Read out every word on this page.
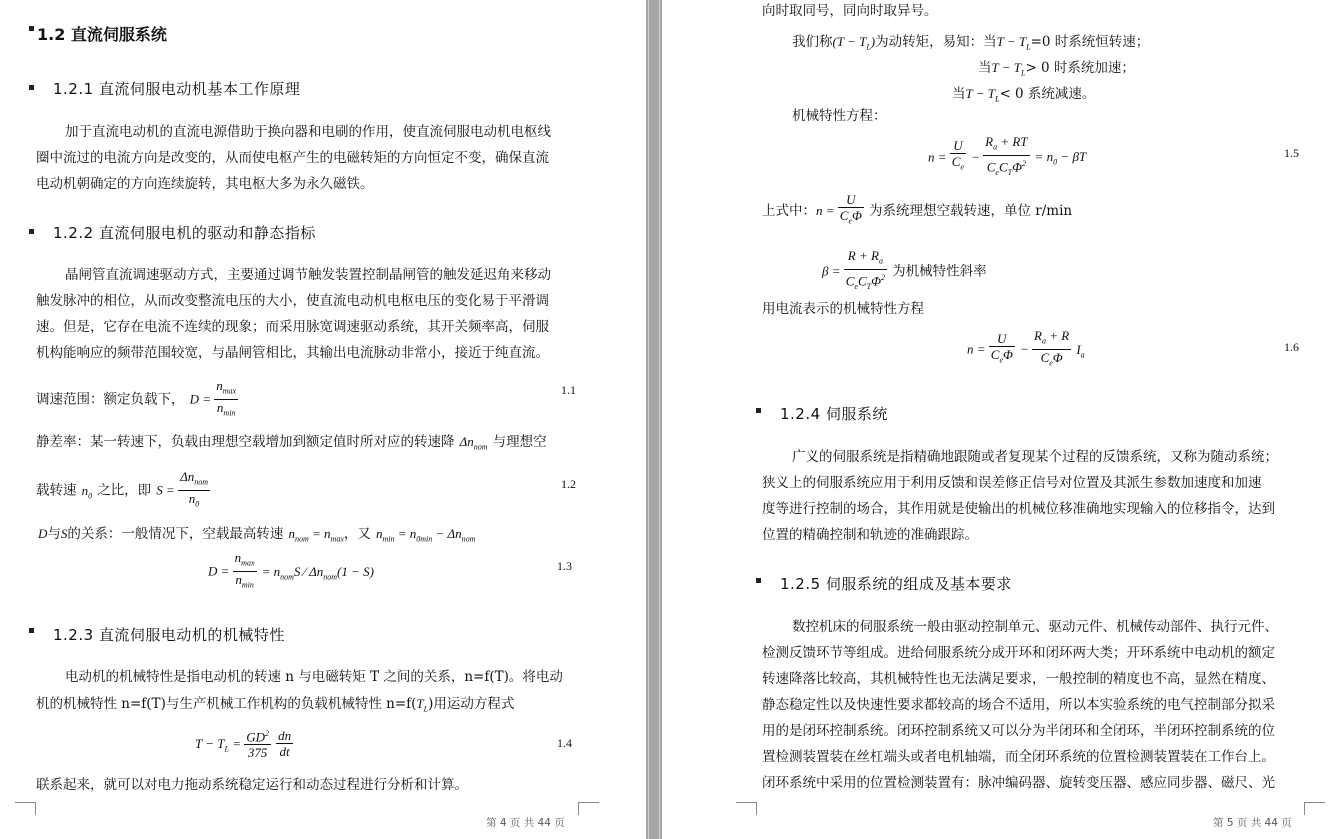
1.2 直流伺服系统
1.2.1 直流伺服电动机基本工作原理
加于直流电动机的直流电源借助于换向器和电刷的作用，使直流伺服电动机电枢线
圈中流过的电流方向是改变的，从而使电枢产生的电磁转矩的方向恒定不变，确保直流
电动机朝确定的方向连续旋转，其电枢大多为永久磁铁。
1.2.2 直流伺服电机的驱动和静态指标
晶闸管直流调速驱动方式，主要通过调节触发装置控制晶闸管的触发延迟角来移动
触发脉冲的相位，从而改变整流电压的大小，使直流电动机电枢电压的变化易于平滑调
速。但是，它存在电流不连续的现象；而采用脉宽调速驱动系统，其开关频率高，伺服
机构能响应的频带范围较宽，与晶闸管相比，其输出电流脉动非常小，接近于纯直流。
调速范围：额定负载下， $D = \frac{n_{max}}{n_{min}}$	1.1
静差率：某一转速下，负载由理想空载增加到额定值时所对应的转速降 $\Delta n_{nom}$ 与理想空
载转速 $n_0$ 之比，即 $S = \frac{\Delta n_{nom}}{n_0}$	1.2
D与S的关系：一般情况下，空载最高转速 $n_{nom} = n_{max}$，又 $n_{min} = n_{0min} - \Delta n_{nom}$
$D = \frac{n_{max}}{n_{min}} = n_{nom}S$ ⁄ $\Delta n_{nom}(1 - S)$	1.3
1.2.3 直流伺服电动机的机械特性
电动机的机械特性是指电动机的转速 n 与电磁转矩 T 之间的关系，n=f(T)。将电动
机的机械特性 n=f(T)与生产机械工作机构的负载机械特性 $n=f(T_L)$用运动方程式
$T - T_L = \frac{GD^2}{375}$
$\frac{dn}{dt}$	1.4
联系起来，就可以对电力拖动系统稳定运行和动态过程进行分析和计算。
第 4 页 共 44 页
向时取同号，同向时取异号。
我们称$(T - T_L)$为动转矩，易知：当$T - T_L=0$ 时系统恒转速；
当$T - T_L> 0$ 时系统加速；
当$T - T_L< 0$ 系统减速。
机械特性方程：
$n = \frac{U}{C_e} - \frac{R_a + RT}{C_eC_T\Phi^2} = n_0 - \beta T$	1.5
上式中：$n = \frac{U}{C_e\Phi}$ 为系统理想空载转速，单位 r/min
$\beta = \frac{R + R_a}{C_eC_T\Phi^2}$ 为机械特性斜率
用电流表示的机械特性方程
$n = \frac{U}{C_e\Phi} - \frac{R_a + R}{C_e\Phi} I_a$
1.6
1.2.4 伺服系统
广义的伺服系统是指精确地跟随或者复现某个过程的反馈系统，又称为随动系统；
狭义上的伺服系统应用于利用反馈和误差修正信号对位置及其派生参数加速度和加速
度等进行控制的场合，其作用就是使输出的机械位移准确地实现输入的位移指令，达到
位置的精确控制和轨迹的准确跟踪。
1.2.5 伺服系统的组成及基本要求
数控机床的伺服系统一般由驱动控制单元、驱动元件、机械传动部件、执行元件、
检测反馈环节等组成。进给伺服系统分成开环和闭环两大类；开环系统中电动机的额定
转速降落比较高，其机械特性也无法满足要求，一般控制的精度也不高，显然在精度、
静态稳定性以及快速性要求都较高的场合不适用，所以本实验系统的电气控制部分拟采
用的是闭环控制系统。闭环控制系统又可以分为半闭环和全闭环，半闭环控制系统的位
置检测装置装在丝杠端头或者电机轴端，而全闭环系统的位置检测装置装在工作台上。
闭环系统中采用的位置检测装置有：脉冲编码器、旋转变压器、感应同步器、磁尺、光
第 5 页 共 44 页
